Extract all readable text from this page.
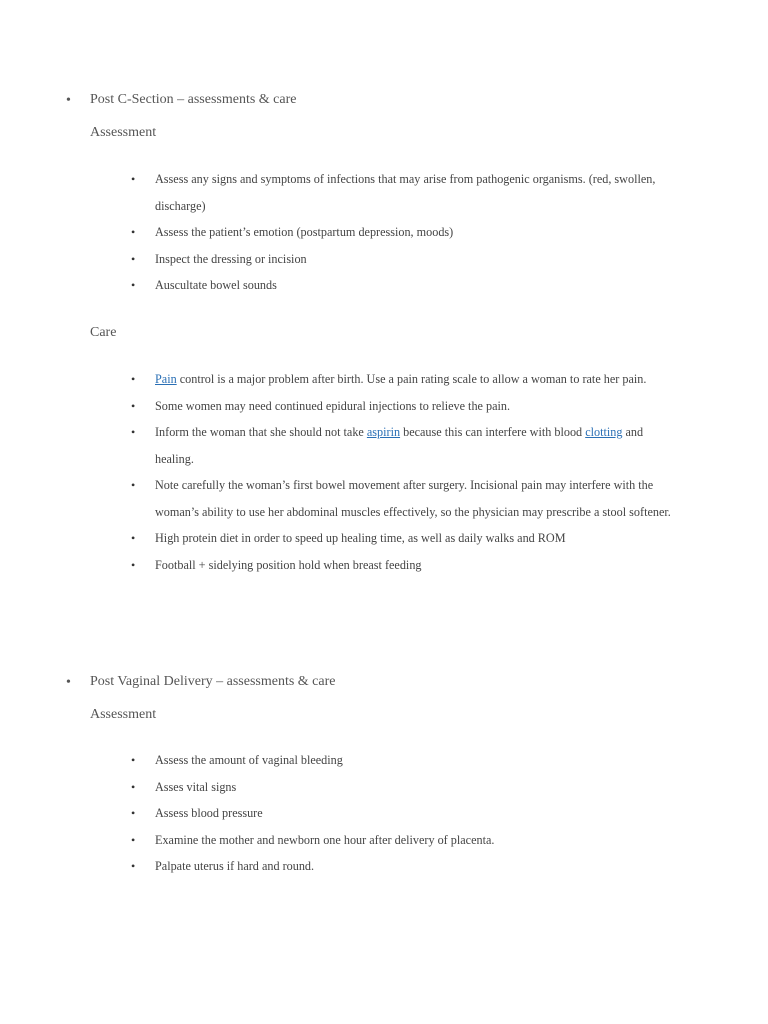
• Post C-Section – assessments & care
Assessment
• Assess any signs and symptoms of infections that may arise from pathogenic organisms. (red, swollen, discharge)
• Assess the patient’s emotion (postpartum depression, moods)
• Inspect the dressing or incision
• Auscultate bowel sounds
Care
• Pain control is a major problem after birth. Use a pain rating scale to allow a woman to rate her pain.
• Some women may need continued epidural injections to relieve the pain.
• Inform the woman that she should not take aspirin because this can interfere with blood clotting and healing.
• Note carefully the woman’s first bowel movement after surgery. Incisional pain may interfere with the woman’s ability to use her abdominal muscles effectively, so the physician may prescribe a stool softener.
• High protein diet in order to speed up healing time, as well as daily walks and ROM
• Football + sidelying position hold when breast feeding
• Post Vaginal Delivery – assessments & care
Assessment
• Assess the amount of vaginal bleeding
• Asses vital signs
• Assess blood pressure
• Examine the mother and newborn one hour after delivery of placenta.
• Palpate uterus if hard and round.
